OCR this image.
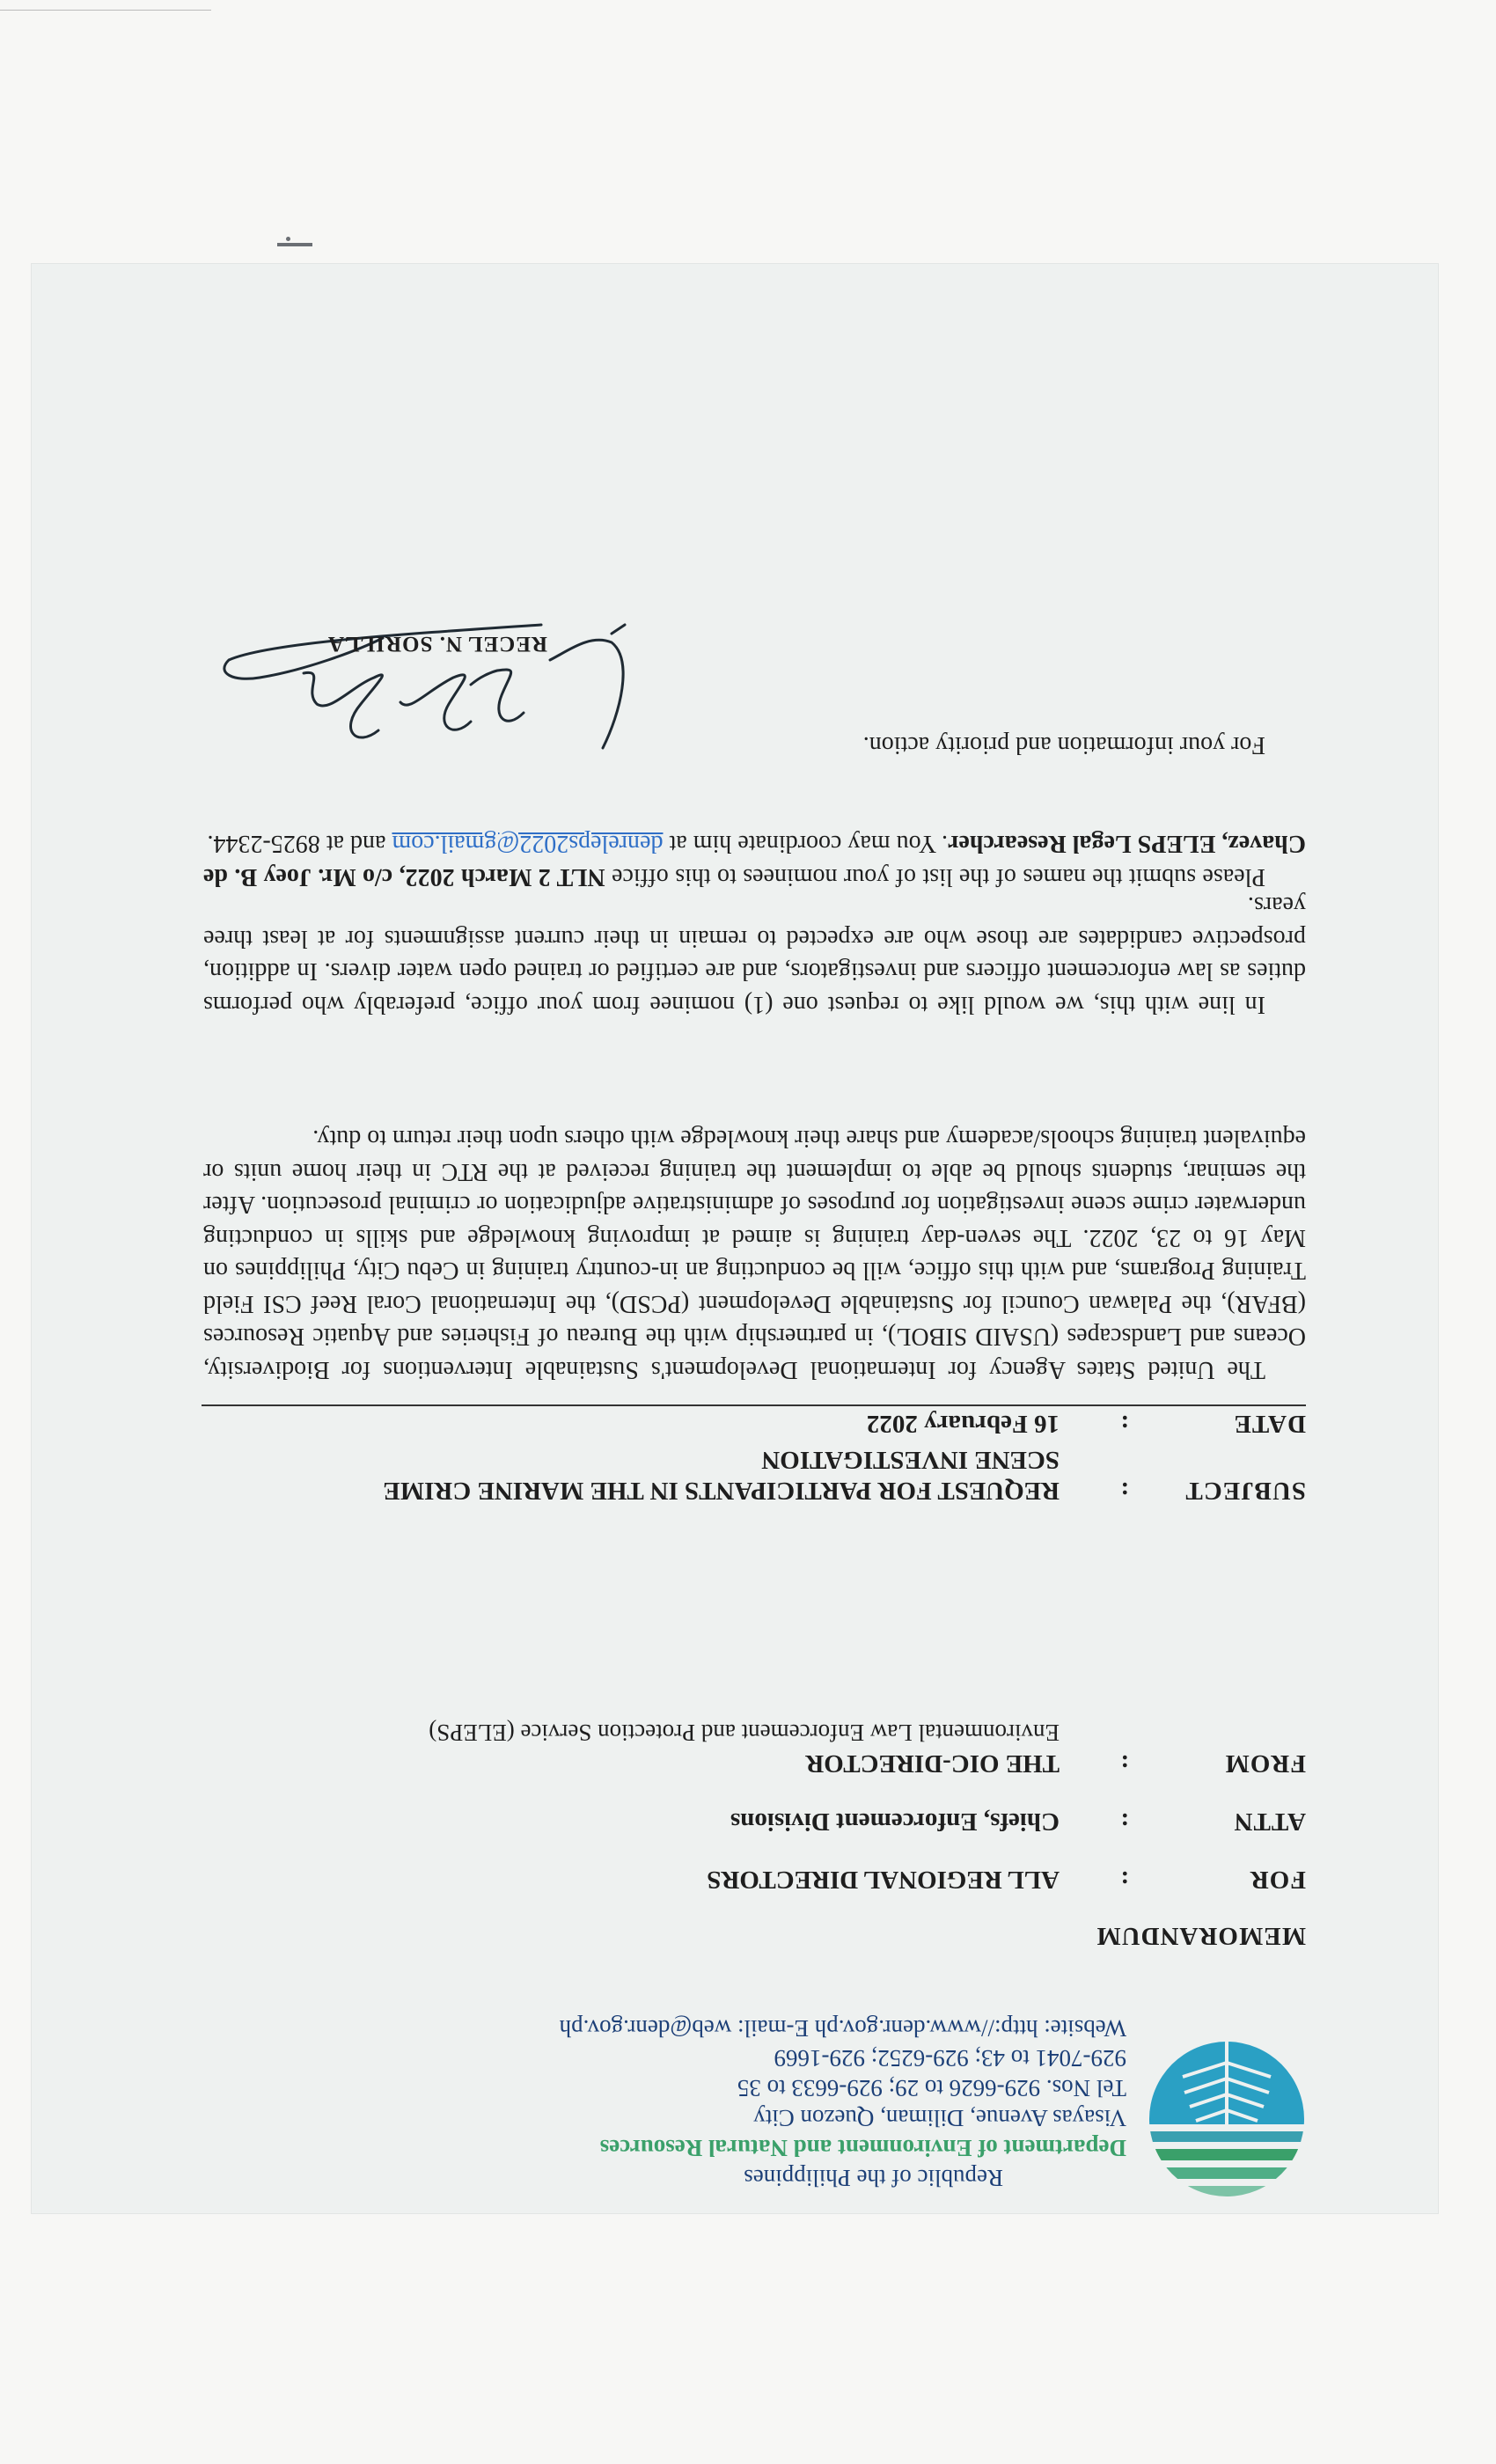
Republic of the Philippines
Department of Environment and Natural Resources
Visayas Avenue, Diliman, Quezon City
Tel Nos. 929-6626 to 29; 929-6633 to 35
929-7041 to 43; 929-6252; 929-1669
Website: http://www.denr.gov.ph E-mail: web@denr.gov.ph
MEMORANDUM
FOR
:
ALL REGIONAL DIRECTORS
ATTN
:
Chiefs, Enforcement Divisions
FROM
:
THE OIC-DIRECTOR
Environmental Law Enforcement and Protection Service (ELEPS)
SUBJECT
:
REQUEST FOR PARTICIPANTS IN THE MARINE CRIME
SCENE INVESTIGATION
DATE
:
16 February 2022

The United States Agency for International Development's Sustainable Interventions for Biodiversity, Oceans and Landscapes (USAID SIBOL), in partnership with the Bureau of Fisheries and Aquatic Resources (BFAR), the Palawan Council for Sustainable Development (PCSD), the International Coral Reef CSI Field Training Programs, and with this office, will be conducting an in-country training in Cebu City, Philippines on May 16 to 23, 2022. The seven-day training is aimed at improving knowledge and skills in conducting underwater crime scene investigation for purposes of administrative adjudication or criminal prosecution. After the seminar, students should be able to implement the training received at the RTC in their home units or equivalent training schools/academy and share their knowledge with others upon their return to duty.

In line with this, we would like to request one (1) nominee from your office, preferably who performs duties as law enforcement officers and investigators, and are certified or trained open water divers. In addition, prospective candidates are those who are expected to remain in their current assignments for at least three years.

Please submit the names of the list of your nominees to this office NLT 2 March 2022, c/o Mr. Joey B. de Chavez, ELEPS Legal Researcher. You may coordinate him at denreleps2022@gmail.com and at 8925-2344.

For your information and priority action.

RECEL N. SORILLA
